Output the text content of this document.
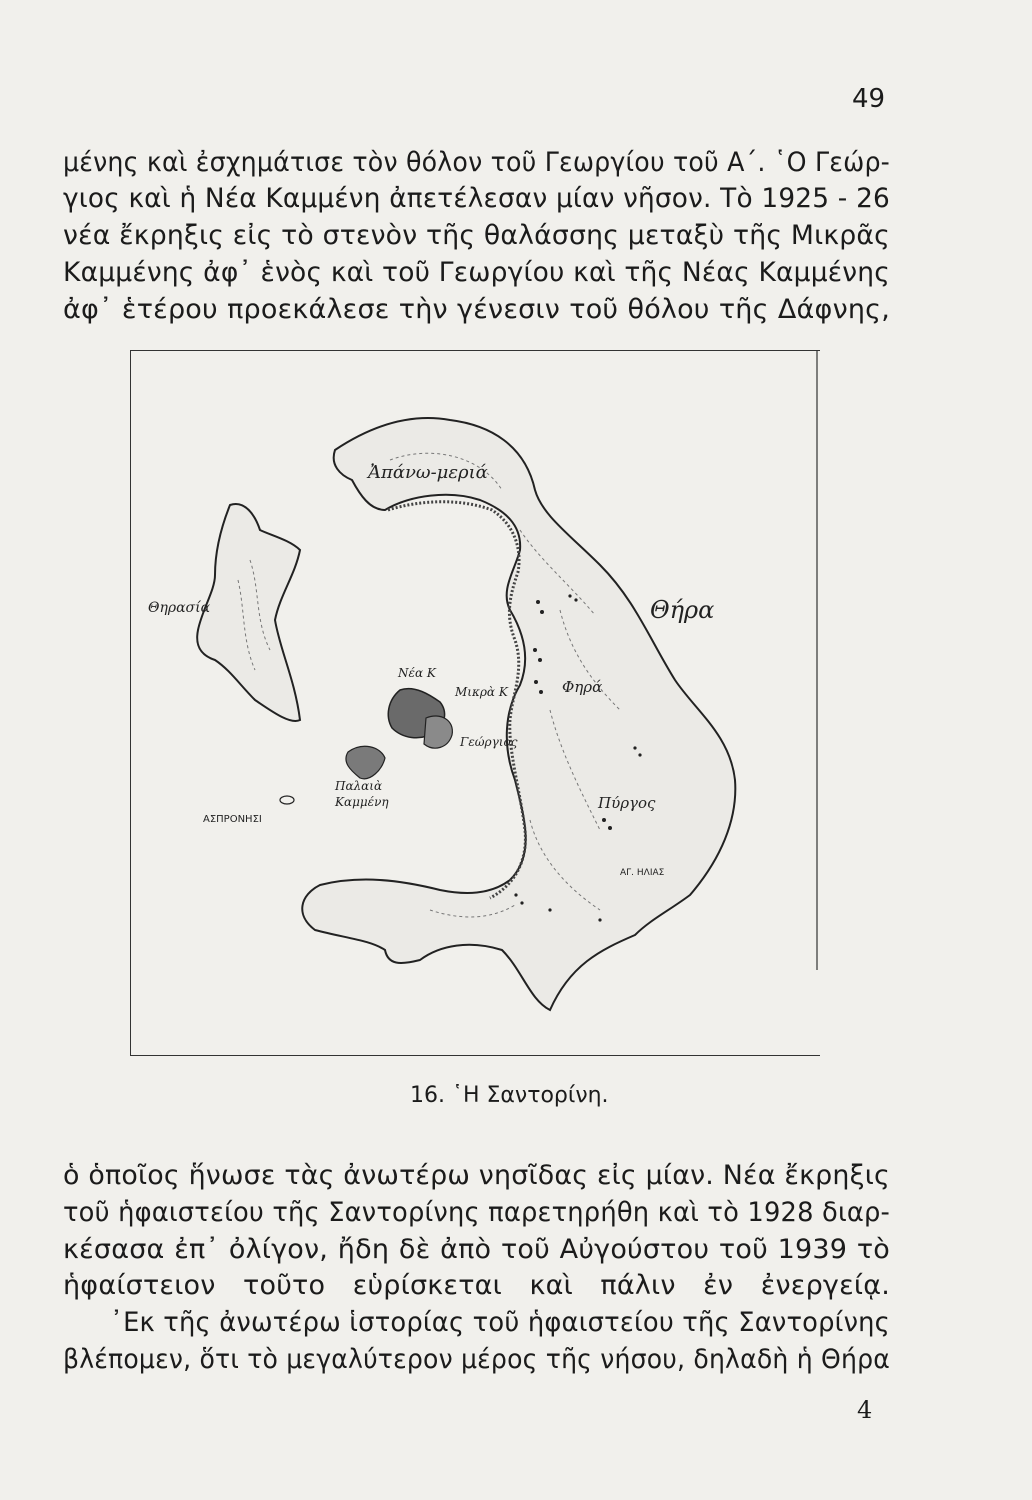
49
μένης καὶ ἐσχημάτισε τὸν θόλον τοῦ Γεωργίου τοῦ Α΄. ῾Ο Γεώρ-
γιος καὶ ἡ Νέα Καμμένη ἀπετέλεσαν μίαν νῆσον. Τὸ 1925 - 26
νέα ἔκρηξις εἰς τὸ στενὸν τῆς θαλάσσης μεταξὺ τῆς Μικρᾶς
Καμμένης ἀφ᾿ ἑνὸς καὶ τοῦ Γεωργίου καὶ τῆς Νέας Καμμένης
ἀφ᾿ ἑτέρου προεκάλεσε τὴν γένεσιν τοῦ θόλου τῆς Δάφνης,
Ἀπάνω-μεριά
Θηρασία	Θήρα
Νέα Κ
Μικρὰ Κ	Φηρά
Γεώργιος
Παλαιὰ
Καμμένη
ΑΣΠΡΟΝΗΣΙ
Πύργος
ΑΓ. ΗΛΙΑΣ
16. ῾Η Σαντορίνη.
ὁ ὁποῖος ἥνωσε τὰς ἀνωτέρω νησῖδας εἰς μίαν. Νέα ἔκρηξις
τοῦ ἡφαιστείου τῆς Σαντορίνης παρετηρήθη καὶ τὸ 1928 διαρ-
κέσασα ἐπ᾿ ὀλίγον, ἤδη δὲ ἀπὸ τοῦ Αὐγούστου τοῦ 1939 τὸ
ἡφαίστειον τοῦτο εὑρίσκεται καὶ πάλιν ἐν ἐνεργείᾳ.
᾿Εκ τῆς ἀνωτέρω ἱστορίας τοῦ ἡφαιστείου τῆς Σαντορίνης
βλέπομεν, ὅτι τὸ μεγαλύτερον μέρος τῆς νήσου, δηλαδὴ ἡ Θήρα
4
